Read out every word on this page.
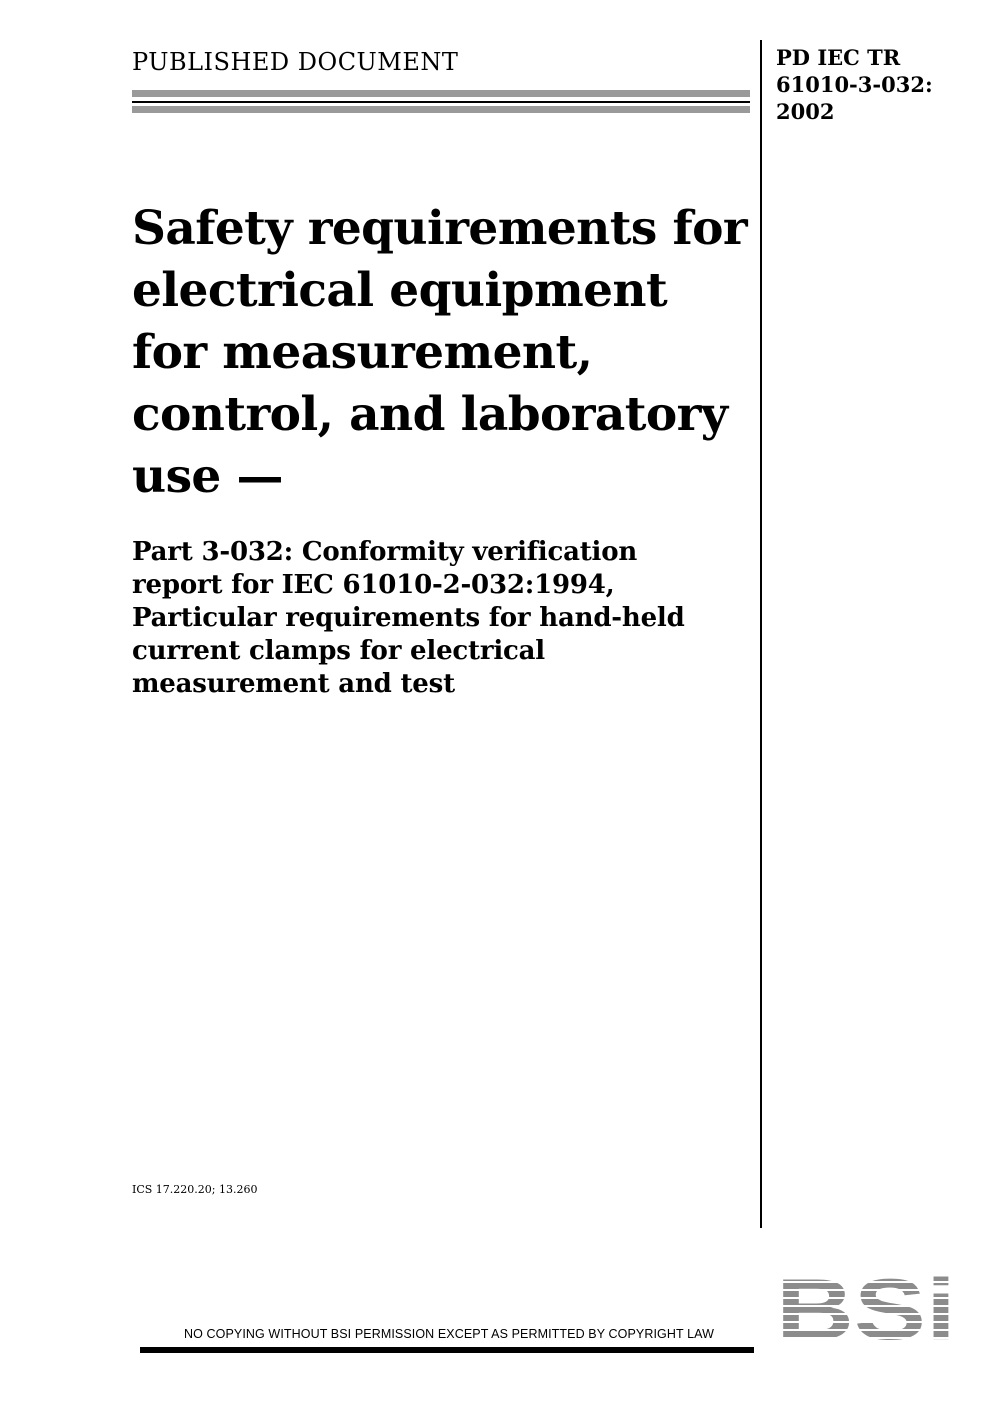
PUBLISHED DOCUMENT	PD IEC TR
61010-3-032:
2002
Safety requirements for
electrical equipment
for measurement,
control, and laboratory
use —
Part 3-032: Conformity verification
report for IEC 61010-2-032:1994,
Particular requirements for hand-held
current clamps for electrical
measurement and test
ICS 17.220.20; 13.260
NO COPYING WITHOUT BSI PERMISSION EXCEPT AS PERMITTED BY COPYRIGHT LAW
